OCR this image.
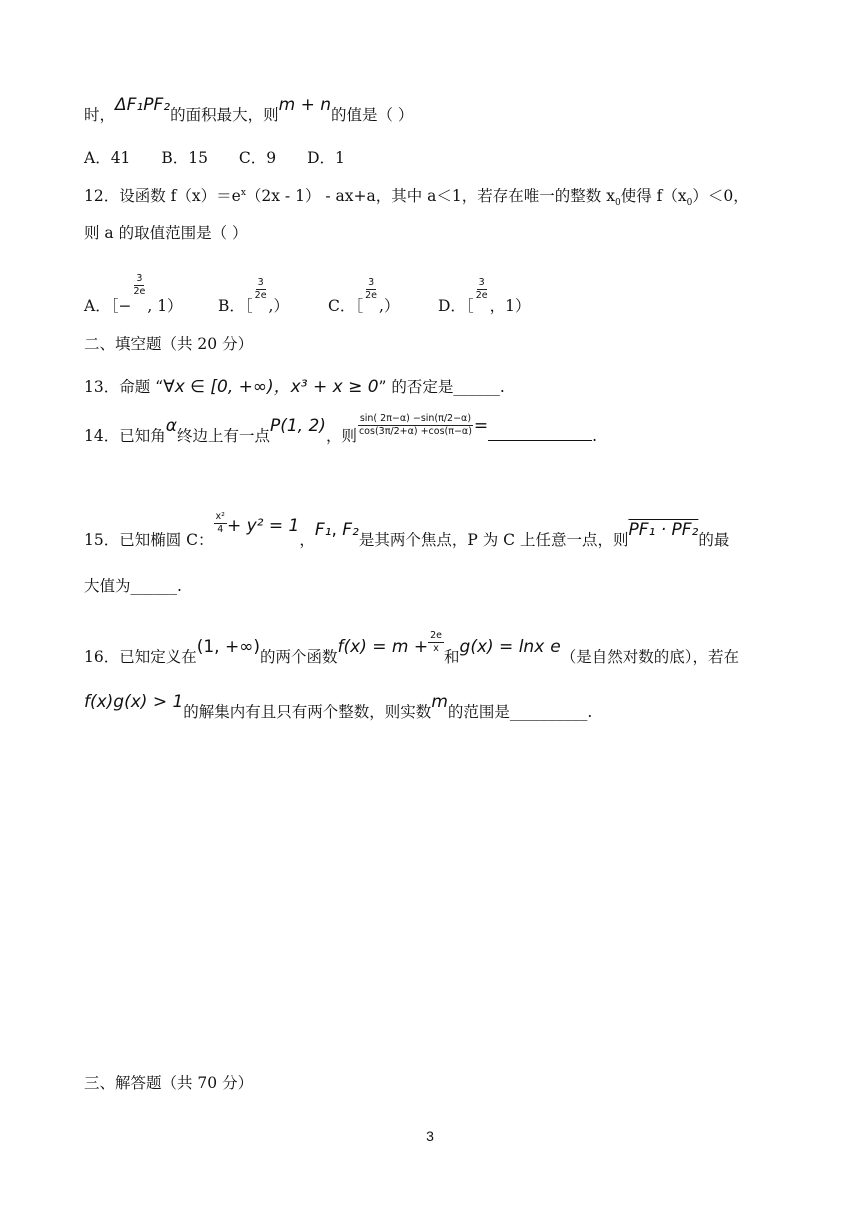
时，ΔF₁PF₂的面积最大，则m + n的值是（ ）
A．41 B．15 C．9 D．1
12．设函数 $f(x)=e^x(2x - 1) - ax+a$，其中 a＜1，若存在唯一的整数 $x_0$使得 $f(x_0)<0$，
则 a 的取值范围是（ ）
A．［−
$\frac{3}{2e}$
, 1） B．［
$\frac{3}{2e}$
,）	C．［
$\frac{3}{2e}$
,） D．［
$\frac{3}{2e}$
，1）
二、填空题（共 20 分）
13．命题 “∀x ∈ [0, +∞)，x³ + x ≥ 0” 的否定是______.
14．已知角α终边上有一点P(1, 2)，则 $\frac{\sin( 2\pi-\alpha) -\sin(\pi/2-\alpha)}{\cos(3\pi/2+\alpha) +\cos(\pi-\alpha)}$ =	.
15．已知椭圆 C：
$\frac{\text{x²}}{4} + y^2 = 1$，F₁, F₂是其两个焦点，P 为 C 上任意一点，则PF₁ · PF₂的最
大值为______.
16．已知定义在(1, +∞)的两个函数$f(x) = m + \frac{2e}{x}$
和g(x) = lnx e（是自然对数的底），若在
f(x)g(x) > 1的解集内有且只有两个整数，则实数m的范围是__________.
三、解答题（共 70 分）
3
